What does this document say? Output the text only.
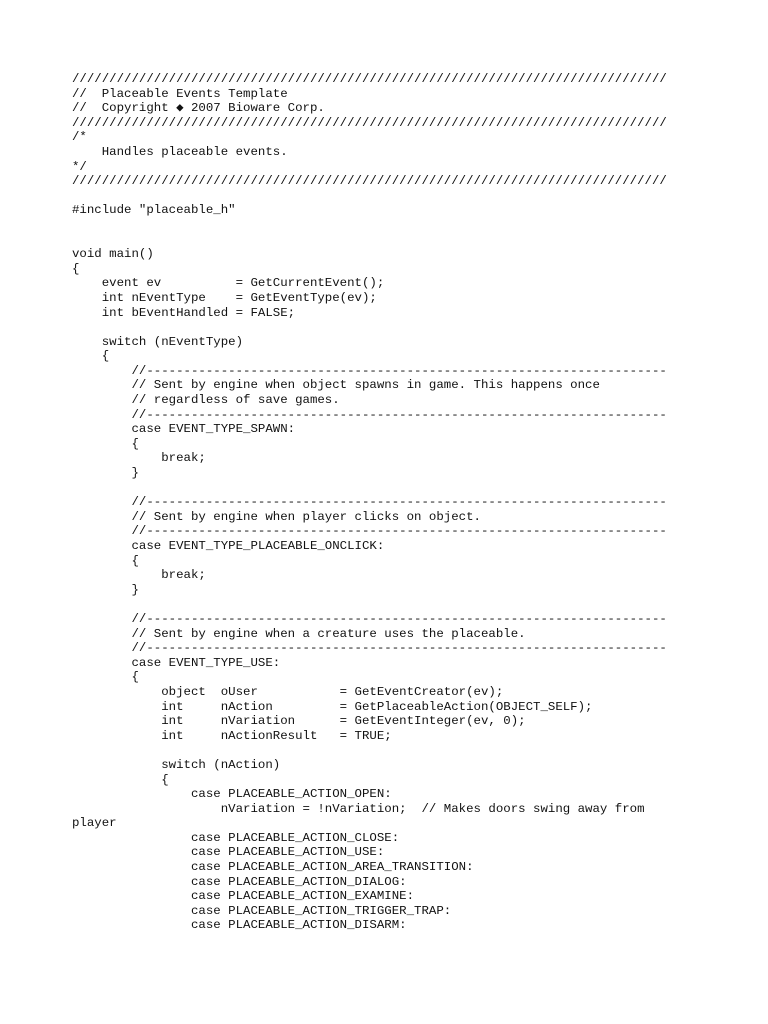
////////////////////////////////////////////////////////////////////////////////
//  Placeable Events Template
//  Copyright ◆ 2007 Bioware Corp.
////////////////////////////////////////////////////////////////////////////////
/*
Handles placeable events.
*/
////////////////////////////////////////////////////////////////////////////////

#include "placeable_h"

void main()
{
event ev          = GetCurrentEvent();
int nEventType    = GetEventType(ev);
int bEventHandled = FALSE;

switch (nEventType)
{
//----------------------------------------------------------------------
// Sent by engine when object spawns in game. This happens once
// regardless of save games.
//----------------------------------------------------------------------
case EVENT_TYPE_SPAWN:
{
break;
}

//----------------------------------------------------------------------
// Sent by engine when player clicks on object.
//----------------------------------------------------------------------
case EVENT_TYPE_PLACEABLE_ONCLICK:
{
break;
}

//----------------------------------------------------------------------
// Sent by engine when a creature uses the placeable.
//----------------------------------------------------------------------
case EVENT_TYPE_USE:
{
object  oUser           = GetEventCreator(ev);
int     nAction         = GetPlaceableAction(OBJECT_SELF);
int     nVariation      = GetEventInteger(ev, 0);
int     nActionResult   = TRUE;

switch (nAction)
{
case PLACEABLE_ACTION_OPEN:
nVariation = !nVariation;  // Makes doors swing away from
player
case PLACEABLE_ACTION_CLOSE:
case PLACEABLE_ACTION_USE:
case PLACEABLE_ACTION_AREA_TRANSITION:
case PLACEABLE_ACTION_DIALOG:
case PLACEABLE_ACTION_EXAMINE:
case PLACEABLE_ACTION_TRIGGER_TRAP:
case PLACEABLE_ACTION_DISARM:
